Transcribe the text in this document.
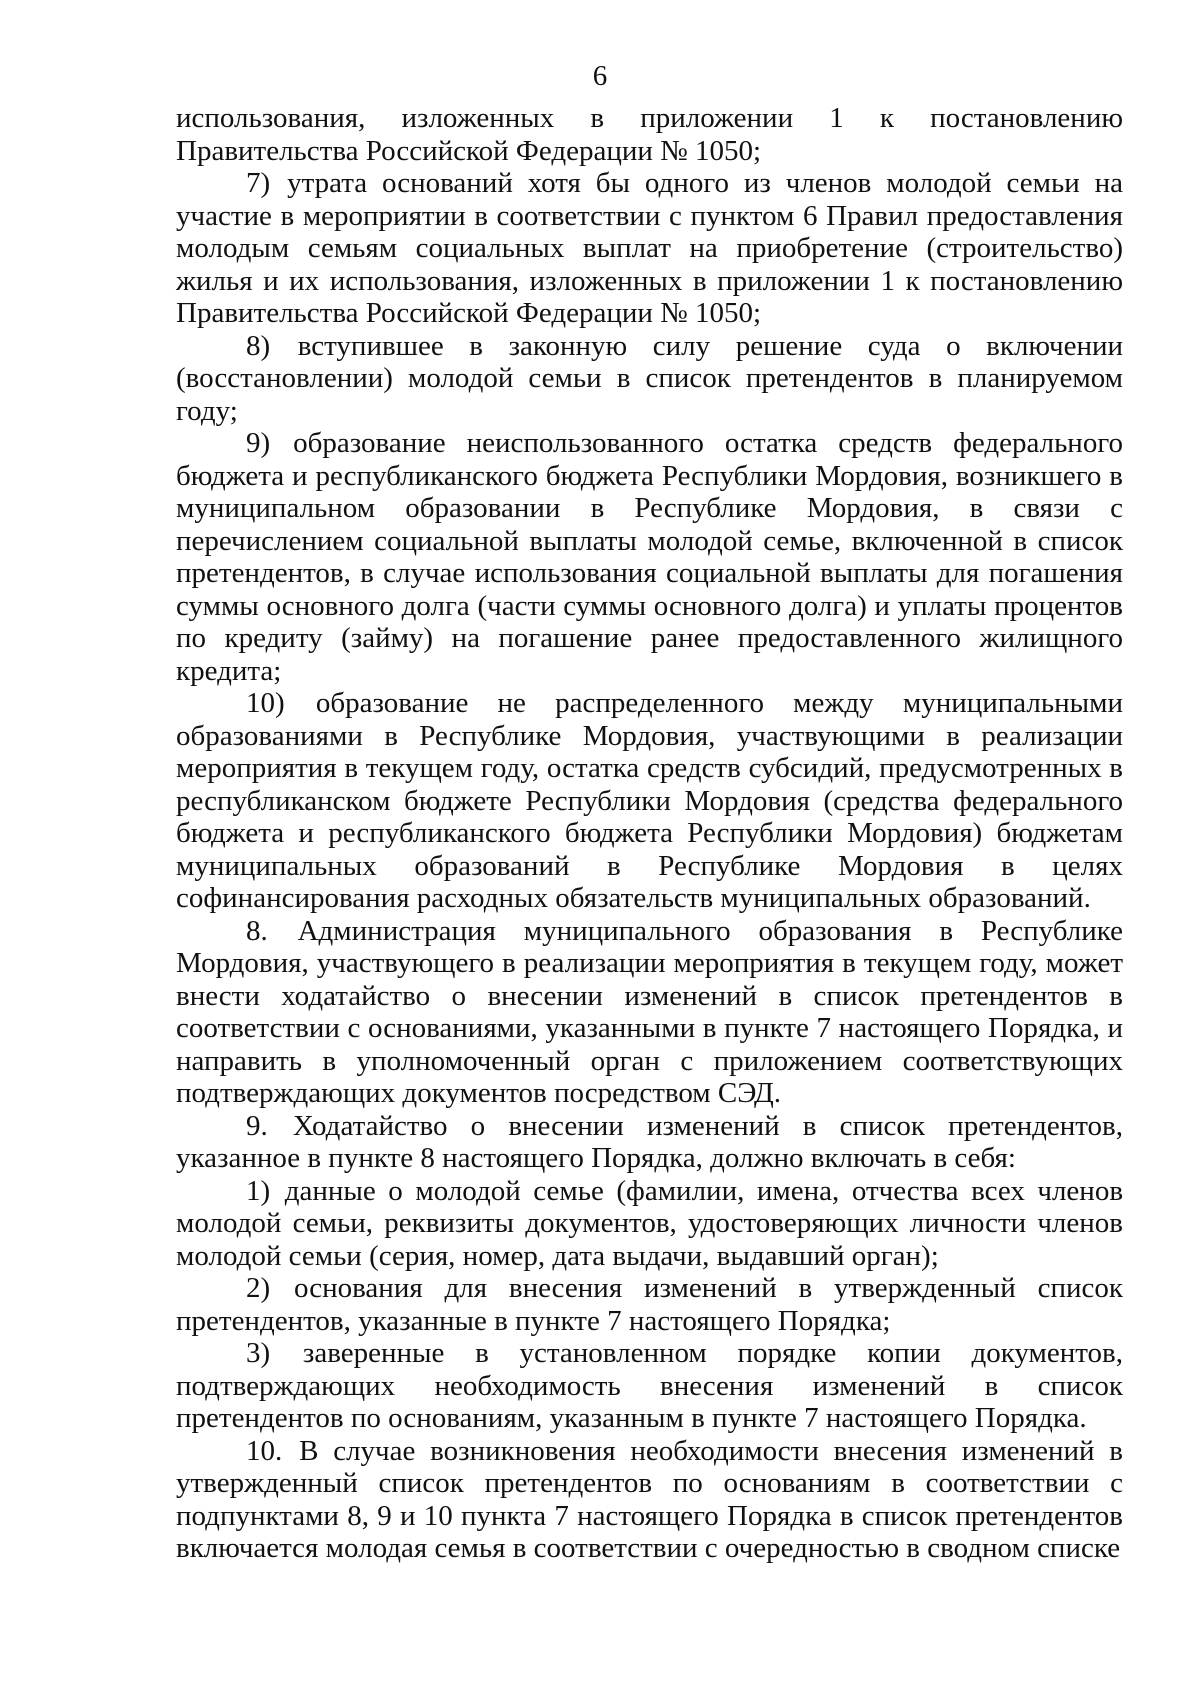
6

использования, изложенных в приложении 1 к постановлению Правительства Российской Федерации № 1050;

7) утрата оснований хотя бы одного из членов молодой семьи на участие в мероприятии в соответствии с пунктом 6 Правил предоставления молодым семьям социальных выплат на приобретение (строительство) жилья и их использования, изложенных в приложении 1 к постановлению Правительства Российской Федерации № 1050;

8) вступившее в законную силу решение суда о включении (восстановлении) молодой семьи в список претендентов в планируемом году;

9) образование неиспользованного остатка средств федерального бюджета и республиканского бюджета Республики Мордовия, возникшего в муниципальном образовании в Республике Мордовия, в связи с перечислением социальной выплаты молодой семье, включенной в список претендентов, в случае использования социальной выплаты для погашения суммы основного долга (части суммы основного долга) и уплаты процентов по кредиту (займу) на погашение ранее предоставленного жилищного кредита;

10) образование не распределенного между муниципальными образованиями в Республике Мордовия, участвующими в реализации мероприятия в текущем году, остатка средств субсидий, предусмотренных в республиканском бюджете Республики Мордовия (средства федерального бюджета и республиканского бюджета Республики Мордовия) бюджетам муниципальных образований в Республике Мордовия в целях софинансирования расходных обязательств муниципальных образований.

8. Администрация муниципального образования в Республике Мордовия, участвующего в реализации мероприятия в текущем году, может внести ходатайство о внесении изменений в список претендентов в соответствии с основаниями, указанными в пункте 7 настоящего Порядка, и направить в уполномоченный орган с приложением соответствующих подтверждающих документов посредством СЭД.

9. Ходатайство о внесении изменений в список претендентов, указанное в пункте 8 настоящего Порядка, должно включать в себя:

1) данные о молодой семье (фамилии, имена, отчества всех членов молодой семьи, реквизиты документов, удостоверяющих личности членов молодой семьи (серия, номер, дата выдачи, выдавший орган);

2) основания для внесения изменений в утвержденный список претендентов, указанные в пункте 7 настоящего Порядка;

3) заверенные в установленном порядке копии документов, подтверждающих необходимость внесения изменений в список претендентов по основаниям, указанным в пункте 7 настоящего Порядка.

10. В случае возникновения необходимости внесения изменений в утвержденный список претендентов по основаниям в соответствии с подпунктами 8, 9 и 10 пункта 7 настоящего Порядка в список претендентов включается молодая семья в соответствии с очередностью в сводном списке
